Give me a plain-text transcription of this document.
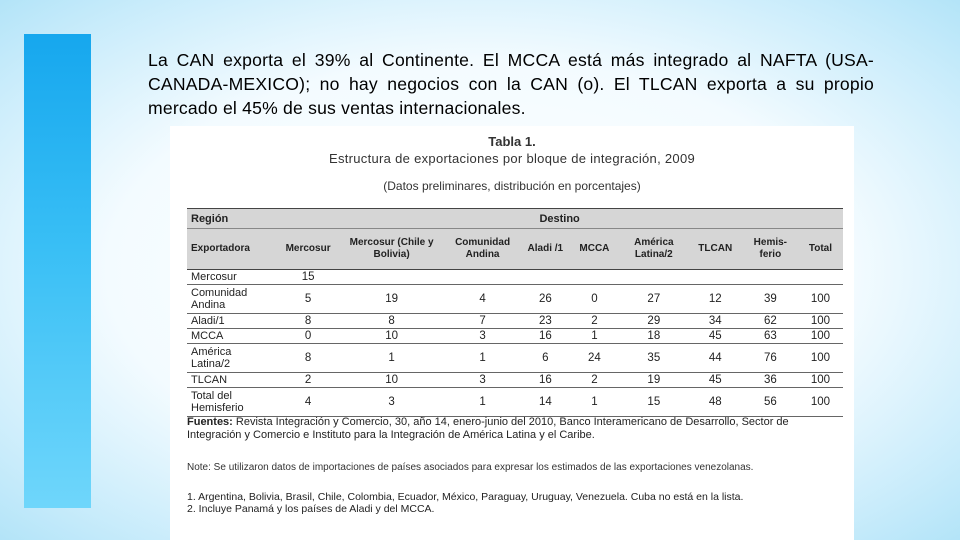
La CAN exporta el 39% al Continente. El MCCA está más integrado al NAFTA (USA-CANADA-MEXICO); no hay negocios con la CAN (o). El TLCAN exporta a su propio mercado el 45% de sus ventas internacionales.

Tabla 1.
Estructura de exportaciones por bloque de integración, 2009
(Datos preliminares, distribución en porcentajes)
Región	Destino								
Exportadora	Mercosur	Mercosur (Chile y Bolivia)	Comunidad Andina	Aladi /1	MCCA	América Latina/2	TLCAN	Hemis-ferio	Total
Mercosur	15								
Comunidad Andina	5	19	4	26	0	27	12	39	100
Aladi/1	8	8	7	23	2	29	34	62	100
MCCA	0	10	3	16	1	18	45	63	100
América Latina/2	8	1	1	6	24	35	44	76	100
TLCAN	2	10	3	16	2	19	45	36	100
Total del Hemisferio	4	3	1	14	1	15	48	56	100
Fuentes: Revista Integración y Comercio, 30, año 14, enero-junio del 2010, Banco Interamericano de Desarrollo, Sector de Integración y Comercio e Instituto para la Integración de América Latina y el Caribe.
Note: Se utilizaron datos de importaciones de países asociados para expresar los estimados de las exportaciones venezolanas.
1. Argentina, Bolivia, Brasil, Chile, Colombia, Ecuador, México, Paraguay, Uruguay, Venezuela. Cuba no está en la lista.
2. Incluye Panamá y los países de Aladi y del MCCA.
